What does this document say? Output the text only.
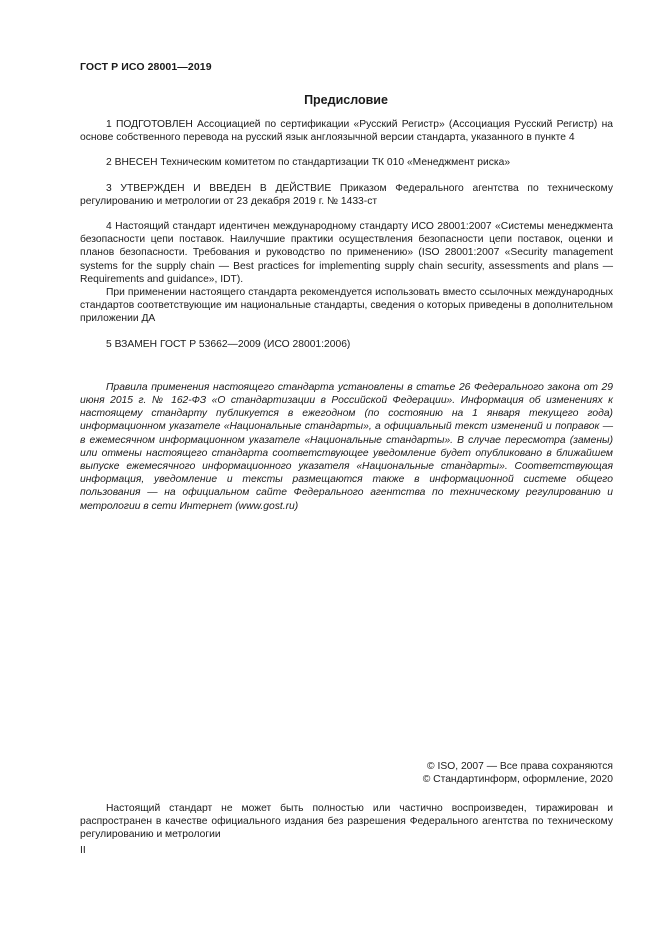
ГОСТ Р ИСО 28001—2019
Предисловие

1 ПОДГОТОВЛЕН Ассоциацией по сертификации «Русский Регистр» (Ассоциация Русский Регистр) на основе собственного перевода на русский язык англоязычной версии стандарта, указанного в пункте 4

2 ВНЕСЕН Техническим комитетом по стандартизации ТК 010 «Менеджмент риска»

3 УТВЕРЖДЕН И ВВЕДЕН В ДЕЙСТВИЕ Приказом Федерального агентства по техническому регулированию и метрологии от 23 декабря 2019 г. № 1433-ст

4 Настоящий стандарт идентичен международному стандарту ИСО 28001:2007 «Системы менеджмента безопасности цепи поставок. Наилучшие практики осуществления безопасности цепи поставок, оценки и планов безопасности. Требования и руководство по применению» (ISO 28001:2007 «Security management systems for the supply chain — Best practices for implementing supply chain security, assessments and plans — Requirements and guidance», IDT).

При применении настоящего стандарта рекомендуется использовать вместо ссылочных международных стандартов соответствующие им национальные стандарты, сведения о которых приведены в дополнительном приложении ДА

5 ВЗАМЕН ГОСТ Р 53662—2009 (ИСО 28001:2006)

Правила применения настоящего стандарта установлены в статье 26 Федерального закона от 29 июня 2015 г. № 162-ФЗ «О стандартизации в Российской Федерации». Информация об изменениях к настоящему стандарту публикуется в ежегодном (по состоянию на 1 января текущего года) информационном указателе «Национальные стандарты», а официальный текст изменений и поправок — в ежемесячном информационном указателе «Национальные стандарты». В случае пересмотра (замены) или отмены настоящего стандарта соответствующее уведомление будет опубликовано в ближайшем выпуске ежемесячного информационного указателя «Национальные стандарты». Соответствующая информация, уведомление и тексты размещаются также в информационной системе общего пользования — на официальном сайте Федерального агентства по техническому регулированию и метрологии в сети Интернет (www.gost.ru)

© ISO, 2007 — Все права сохраняются
© Стандартинформ, оформление, 2020

Настоящий стандарт не может быть полностью или частично воспроизведен, тиражирован и распространен в качестве официального издания без разрешения Федерального агентства по техническому регулированию и метрологии

II
